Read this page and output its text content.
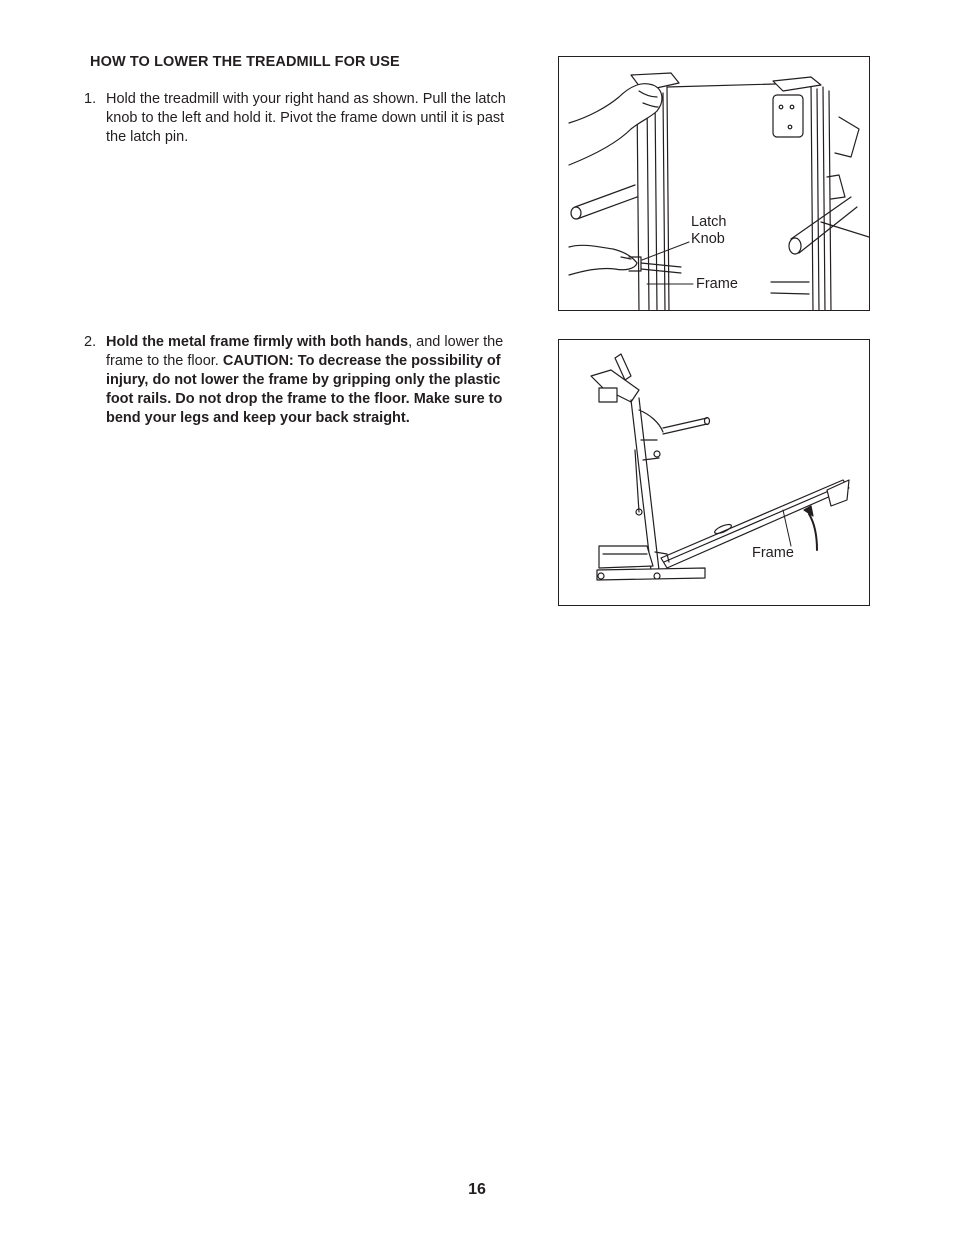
HOW TO LOWER THE TREADMILL FOR USE
1. Hold the treadmill with your right hand as shown. Pull the latch knob to the left and hold it. Pivot the frame down until it is past the latch pin.
2. Hold the metal frame firmly with both hands, and lower the frame to the floor. CAUTION: To decrease the possibility of injury, do not lower the frame by gripping only the plastic foot rails. Do not drop the frame to the floor. Make sure to bend your legs and keep your back straight.
Latch
Knob
Frame
Frame
16
